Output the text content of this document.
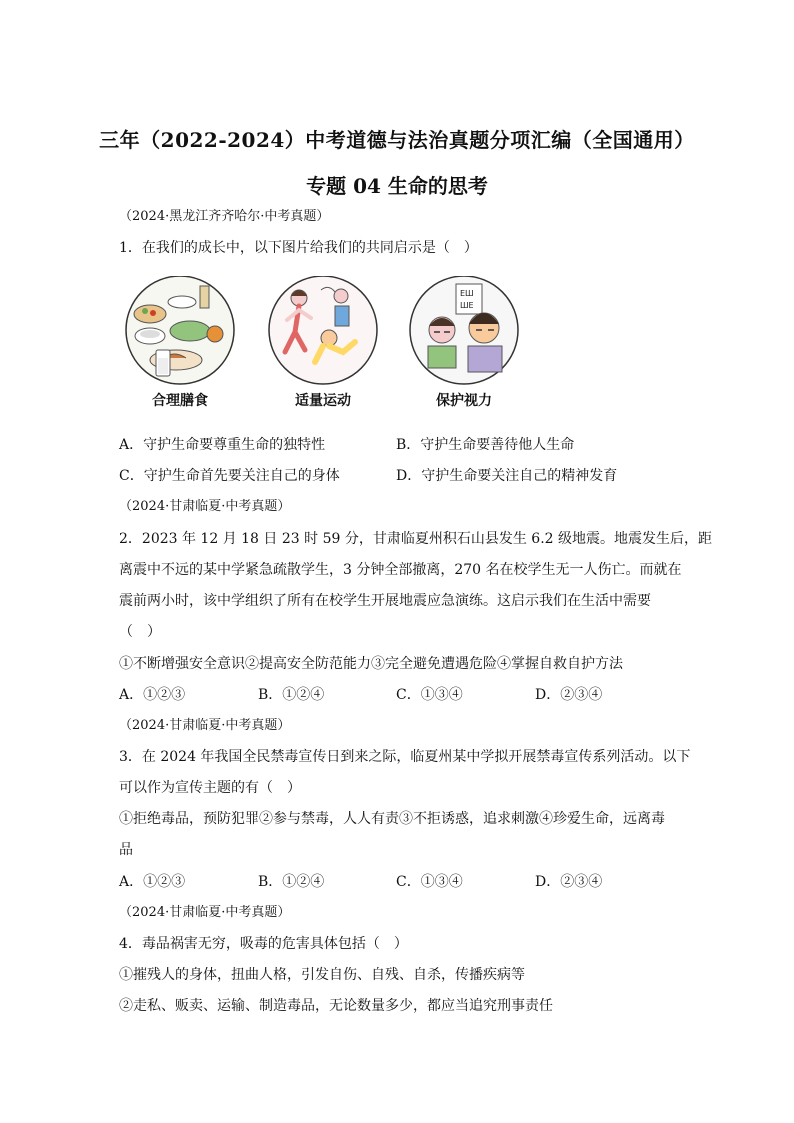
三年（2022-2024）中考道德与法治真题分项汇编（全国通用）
专题 04 生命的思考
（2024·黑龙江齐齐哈尔·中考真题）
1．在我们的成长中，以下图片给我们的共同启示是（　）
ЕШ
ШЕ
合理膳食	适量运动	保护视力
A．守护生命要尊重生命的独特性	B．守护生命要善待他人生命
C．守护生命首先要关注自己的身体	D．守护生命要关注自己的精神发育
（2024·甘肃临夏·中考真题）
2．2023 年 12 月 18 日 23 时 59 分，甘肃临夏州积石山县发生 6.2 级地震。地震发生后，距
离震中不远的某中学紧急疏散学生，3 分钟全部撤离，270 名在校学生无一人伤亡。而就在
震前两小时，该中学组织了所有在校学生开展地震应急演练。这启示我们在生活中需要
（　）
①不断增强安全意识②提高安全防范能力③完全避免遭遇危险④掌握自救自护方法
A．①②③	B．①②④	C．①③④	D．②③④
（2024·甘肃临夏·中考真题）
3．在 2024 年我国全民禁毒宣传日到来之际，临夏州某中学拟开展禁毒宣传系列活动。以下
可以作为宣传主题的有（　）
①拒绝毒品，预防犯罪②参与禁毒，人人有责③不拒诱惑，追求刺激④珍爱生命，远离毒
品
A．①②③	B．①②④	C．①③④	D．②③④
（2024·甘肃临夏·中考真题）
4．毒品祸害无穷，吸毒的危害具体包括（　）
①摧残人的身体，扭曲人格，引发自伤、自残、自杀，传播疾病等
②走私、贩卖、运输、制造毒品，无论数量多少，都应当追究刑事责任
